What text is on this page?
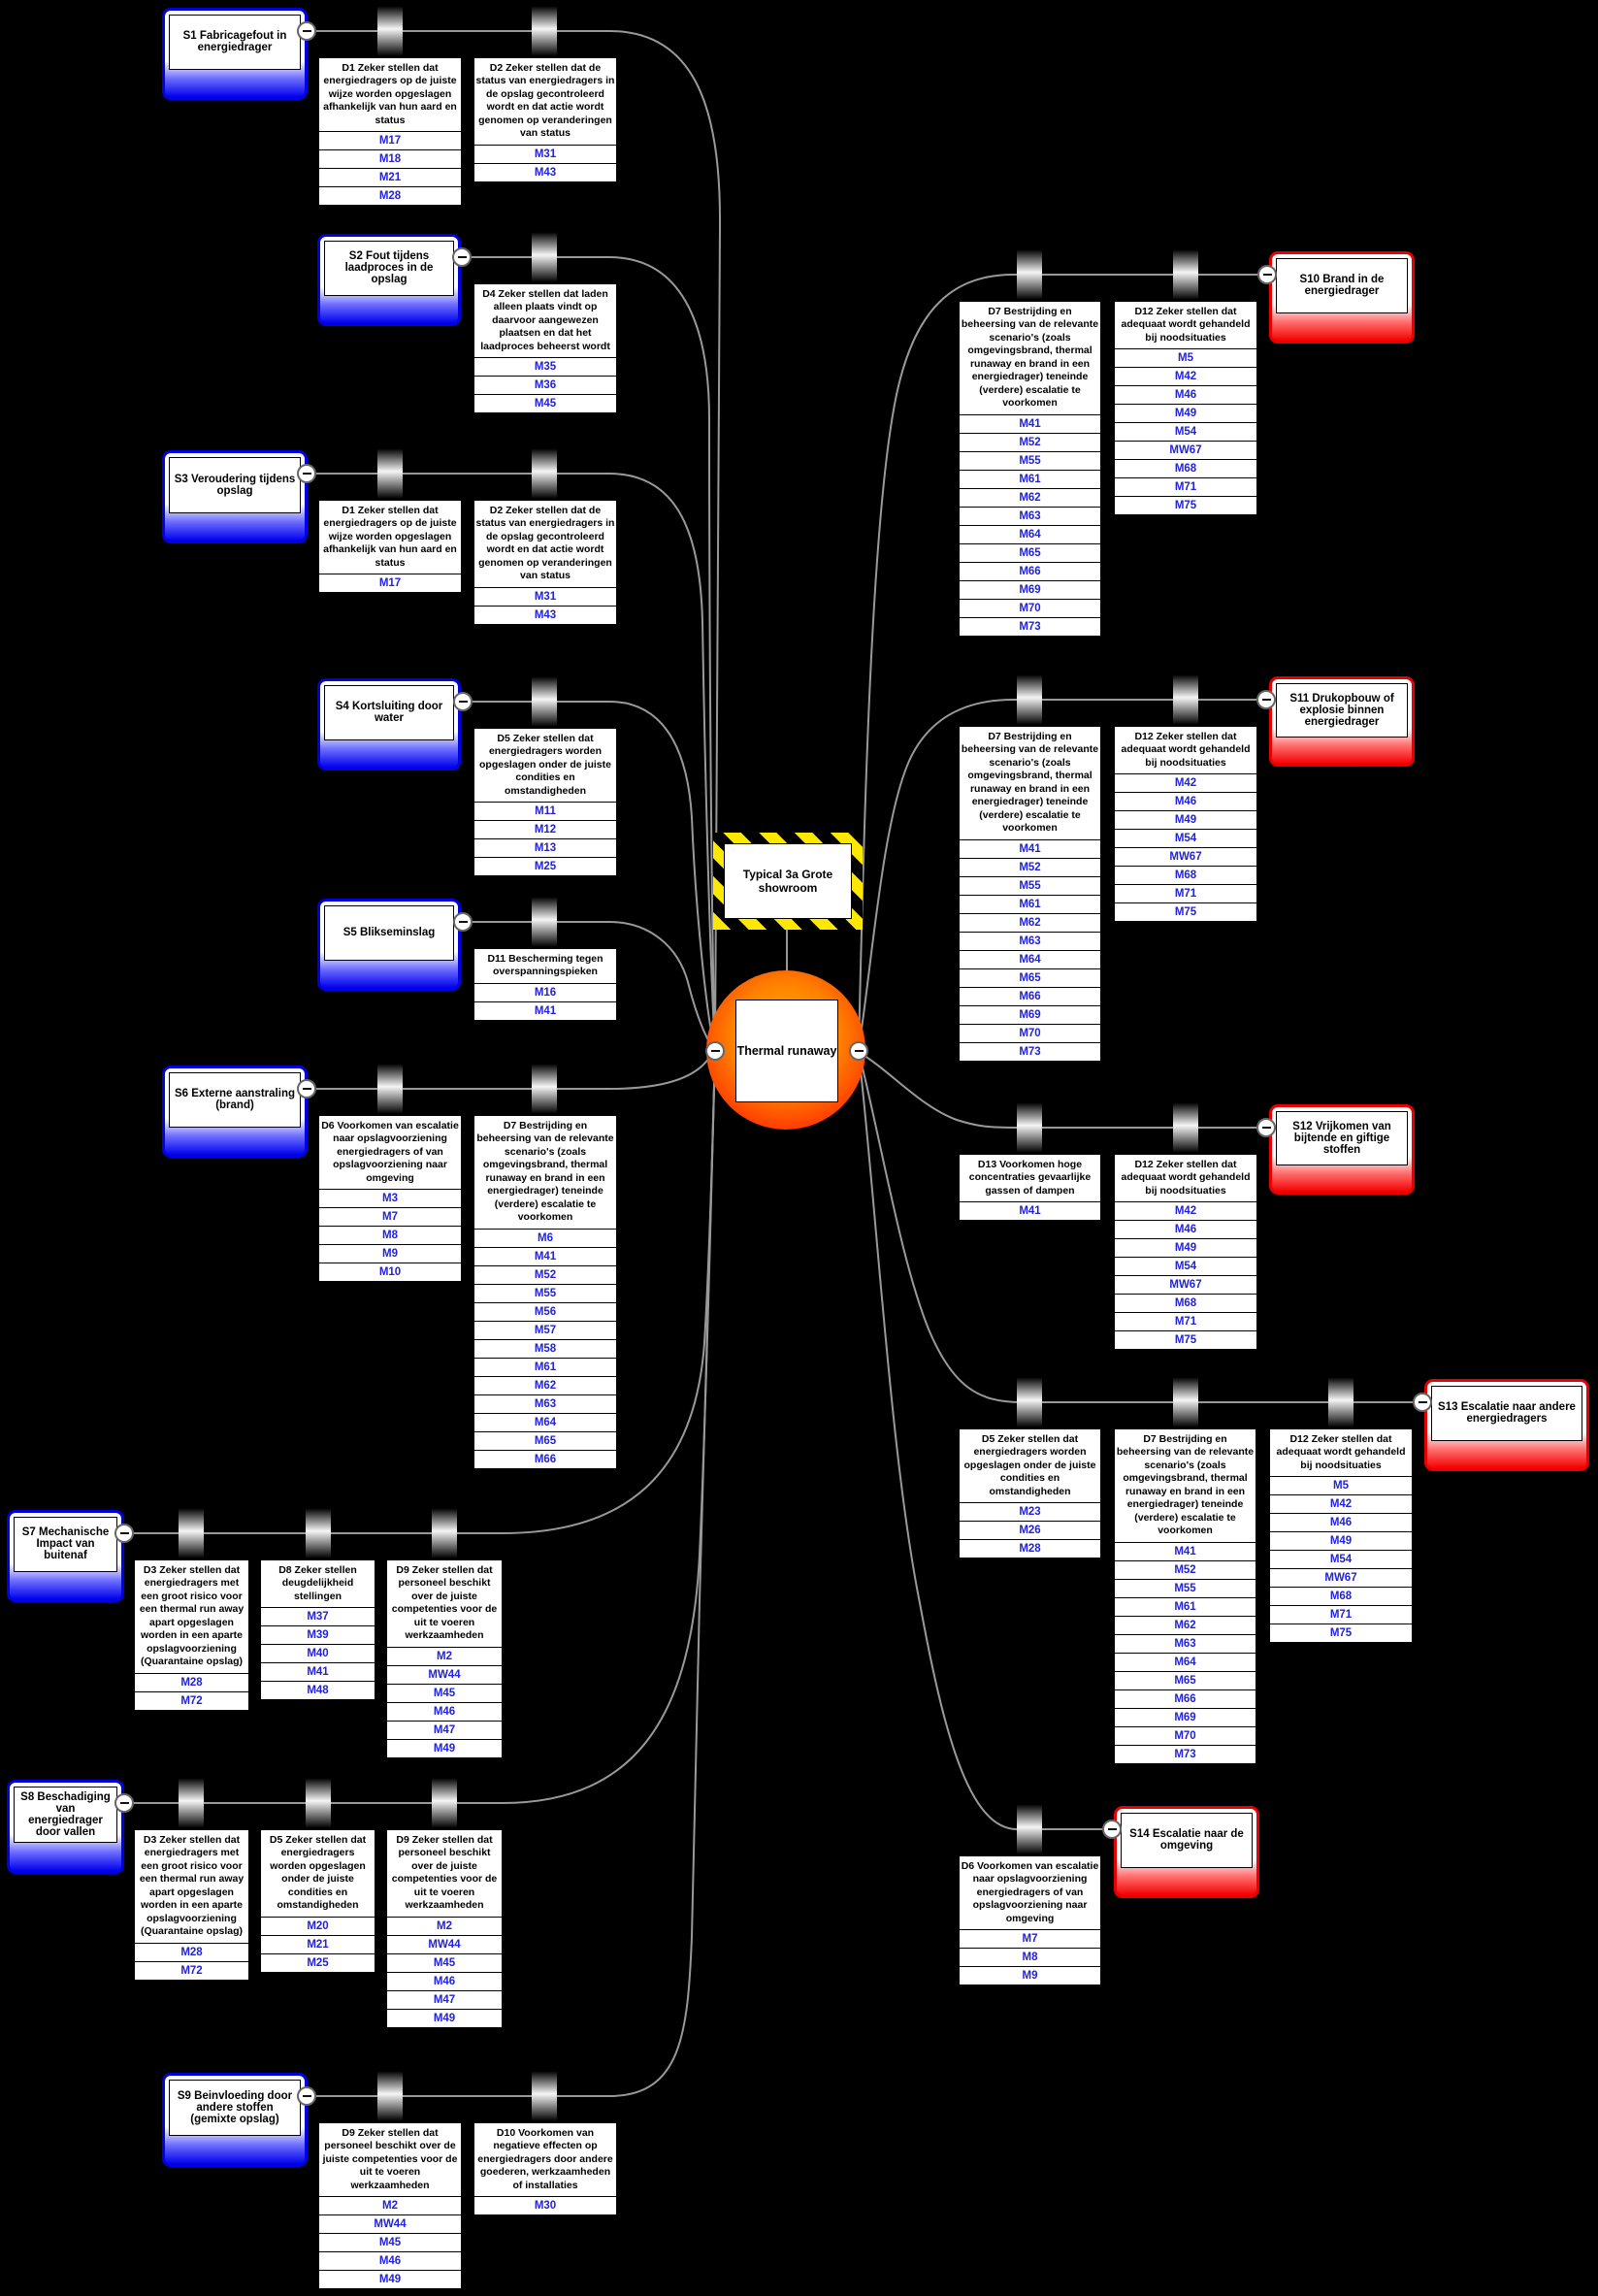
S1 Fabricagefout in energiedrager
S2 Fout tijdens laadproces in de opslag
S3 Veroudering tijdens opslag
S4 Kortsluiting door water
S5 Blikseminslag
S6 Externe aanstraling (brand)
S7 Mechanische Impact van buitenaf
S8 Beschadiging van energiedrager door vallen
S9 Beinvloeding door andere stoffen (gemixte opslag)
S10 Brand in de energiedrager
S11 Drukopbouw of explosie binnen energiedrager
S12 Vrijkomen van bijtende en giftige stoffen
S13 Escalatie naar andere energiedragers
S14 Escalatie naar de omgeving
D1 Zeker stellen dat energiedragers op de juiste wijze worden opgeslagen afhankelijk van hun aard en status
M17
M18
M21
M28
D2 Zeker stellen dat de status van energiedragers in de opslag gecontroleerd wordt en dat actie wordt genomen op veranderingen van status
M31
M43
D4 Zeker stellen dat laden alleen plaats vindt op daarvoor aangewezen plaatsen en dat het laadproces beheerst wordt
M35
M36
M45
D1 Zeker stellen dat energiedragers op de juiste wijze worden opgeslagen afhankelijk van hun aard en status
M17
D2 Zeker stellen dat de status van energiedragers in de opslag gecontroleerd wordt en dat actie wordt genomen op veranderingen van status
M31
M43
D5 Zeker stellen dat energiedragers worden opgeslagen onder de juiste condities en omstandigheden
M11
M12
M13
M25
D11 Bescherming tegen overspanningspieken
M16
M41
D6 Voorkomen van escalatie naar opslagvoorziening energiedragers of van opslagvoorziening naar omgeving
M3
M7
M8
M9
M10
D7 Bestrijding en beheersing van de relevante scenario's (zoals omgevingsbrand, thermal runaway en brand in een energiedrager) teneinde (verdere) escalatie te voorkomen
M6
M41
M52
M55
M56
M57
M58
M61
M62
M63
M64
M65
M66
D3 Zeker stellen dat energiedragers met een groot risico voor een thermal run away apart opgeslagen worden in een aparte opslagvoorziening (Quarantaine opslag)
M28
M72
D8 Zeker stellen deugdelijkheid stellingen
M37
M39
M40
M41
M48
D9 Zeker stellen dat personeel beschikt over de juiste competenties voor de uit te voeren werkzaamheden
M2
MW44
M45
M46
M47
M49
D3 Zeker stellen dat energiedragers met een groot risico voor een thermal run away apart opgeslagen worden in een aparte opslagvoorziening (Quarantaine opslag)
M28
M72
D5 Zeker stellen dat energiedragers worden opgeslagen onder de juiste condities en omstandigheden
M20
M21
M25
D9 Zeker stellen dat personeel beschikt over de juiste competenties voor de uit te voeren werkzaamheden
M2
MW44
M45
M46
M47
M49
D9 Zeker stellen dat personeel beschikt over de juiste competenties voor de uit te voeren werkzaamheden
M2
MW44
M45
M46
M49
D10 Voorkomen van negatieve effecten op energiedragers door andere goederen, werkzaamheden of installaties
M30
D7 Bestrijding en beheersing van de relevante scenario's (zoals omgevingsbrand, thermal runaway en brand in een energiedrager) teneinde (verdere) escalatie te voorkomen
M41
M52
M55
M61
M62
M63
M64
M65
M66
M69
M70
M73
D12 Zeker stellen dat adequaat wordt gehandeld bij noodsituaties
M5
M42
M46
M49
M54
MW67
M68
M71
M75
D7 Bestrijding en beheersing van de relevante scenario's (zoals omgevingsbrand, thermal runaway en brand in een energiedrager) teneinde (verdere) escalatie te voorkomen
M41
M52
M55
M61
M62
M63
M64
M65
M66
M69
M70
M73
D12 Zeker stellen dat adequaat wordt gehandeld bij noodsituaties
M42
M46
M49
M54
MW67
M68
M71
M75
D13 Voorkomen hoge concentraties gevaarlijke gassen of dampen
M41
D12 Zeker stellen dat adequaat wordt gehandeld bij noodsituaties
M42
M46
M49
M54
MW67
M68
M71
M75
D5 Zeker stellen dat energiedragers worden opgeslagen onder de juiste condities en omstandigheden
M23
M26
M28
D7 Bestrijding en beheersing van de relevante scenario's (zoals omgevingsbrand, thermal runaway en brand in een energiedrager) teneinde (verdere) escalatie te voorkomen
M41
M52
M55
M61
M62
M63
M64
M65
M66
M69
M70
M73
D12 Zeker stellen dat adequaat wordt gehandeld bij noodsituaties
M5
M42
M46
M49
M54
MW67
M68
M71
M75
D6 Voorkomen van escalatie naar opslagvoorziening energiedragers of van opslagvoorziening naar omgeving
M7
M8
M9
Typical 3a Grote showroom
Thermal runaway
